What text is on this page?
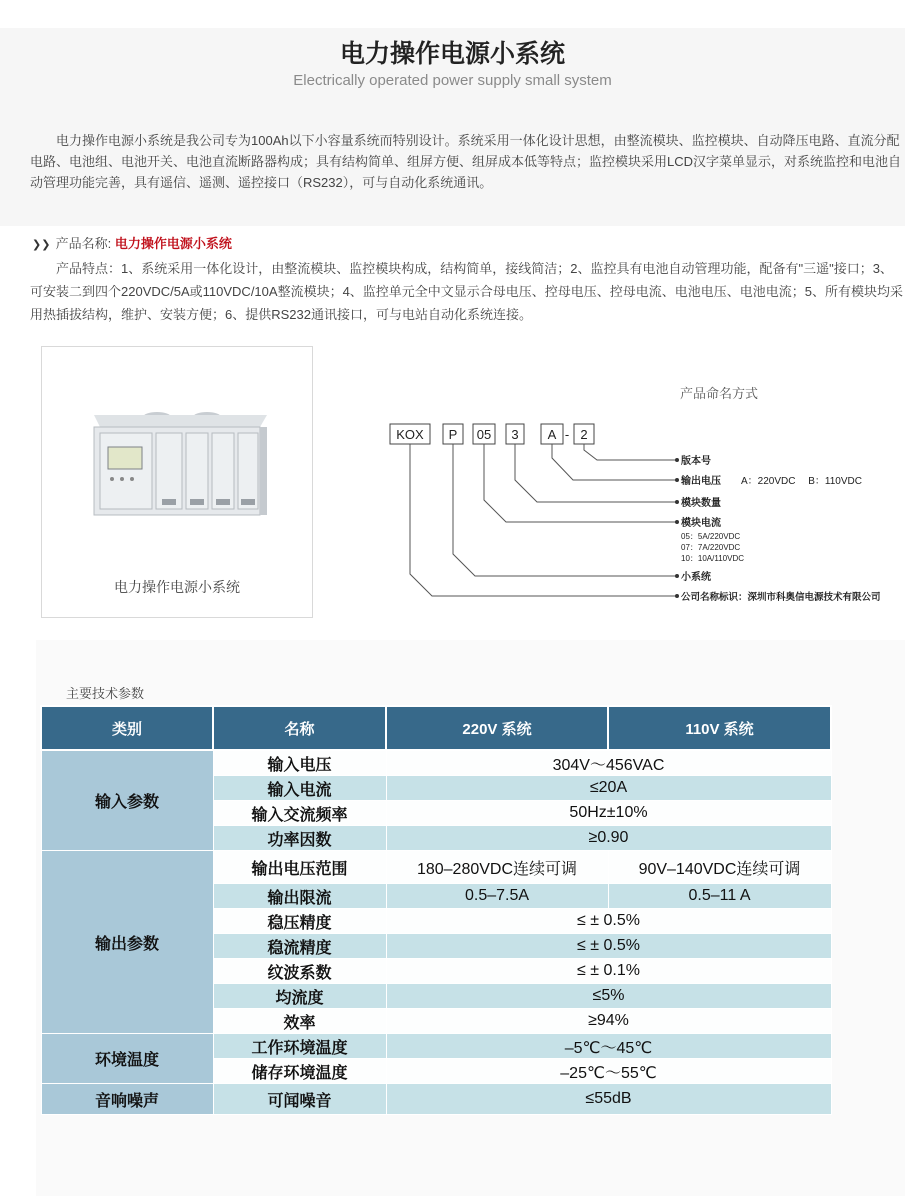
电力操作电源小系统
Electrically operated power supply small system
电力操作电源小系统是我公司专为100Ah以下小容量系统而特别设计。系统采用一体化设计思想，由整流模块、监控模块、自动降压电路、直流分配电路、电池组、电池开关、电池直流断路器构成；具有结构简单、组屏方便、组屏成本低等特点；监控模块采用LCD汉字菜单显示，对系统监控和电池自动管理功能完善，具有遥信、遥测、遥控接口（RS232），可与自动化系统通讯。
❯❯ 产品名称: 电力操作电源小系统
产品特点：1、系统采用一体化设计，由整流模块、监控模块构成，结构简单，接线简洁；2、监控具有电池自动管理功能，配备有"三遥"接口；3、可安装二到四个220VDC/5A或110VDC/10A整流模块；4、监控单元全中文显示合母电压、控母电压、控母电流、电池电压、电池电流；5、所有模块均采用热插拔结构，维护、安装方便；6、提供RS232通讯接口，可与电站自动化系统连接。
电力操作电源小系统
产品命名方式
KOX P 05 3 A - 2
版本号
输出电压 A：220VDC　 B：110VDC
模块数量
模块电流
05：5A/220VDC
07：7A/220VDC
10：10A/110VDC
小系统
公司名称标识：深圳市科奥信电源技术有限公司
主要技术参数
类别	名称	220V 系统	110V 系统
输入参数	输入电压	304V～456VAC	
	输入电流	≤20A	
	输入交流频率	50Hz±10%	
	功率因数	≥0.90	
输出参数	输出电压范围	180–280VDC连续可调	90V–140VDC连续可调
	输出限流	0.5–7.5A	0.5–11 A
	稳压精度	≤ ± 0.5%	
	稳流精度	≤ ± 0.5%	
	纹波系数	≤ ± 0.1%	
	均流度	≤5%	
	效率	≥94%	
环境温度	工作环境温度	–5℃～45℃	
	储存环境温度	–25℃～55℃	
音响噪声	可闻噪音	≤55dB	
